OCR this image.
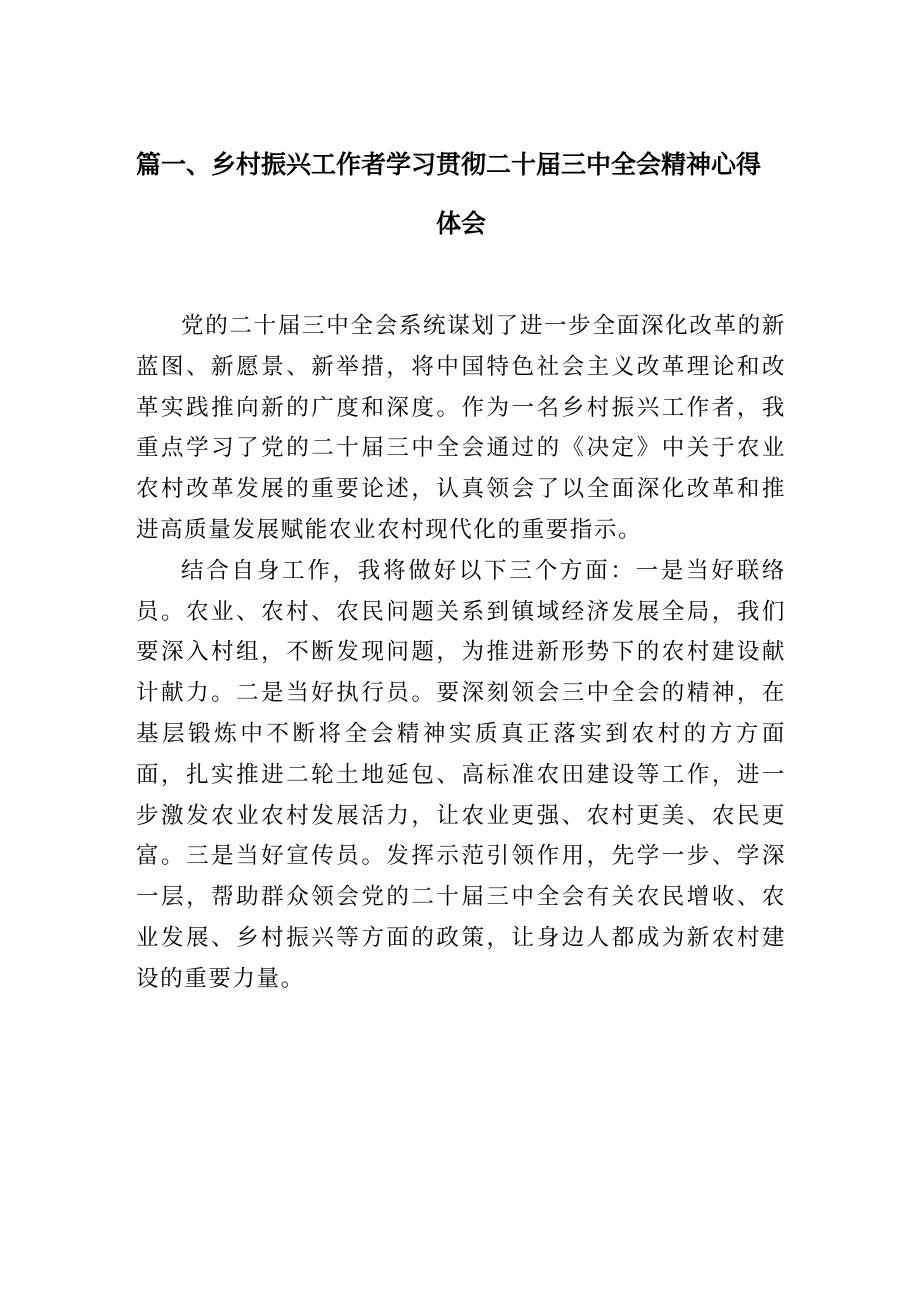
篇一、乡村振兴工作者学习贯彻二十届三中全会精神心得
体会

党的二十届三中全会系统谋划了进一步全面深化改革的新蓝图、新愿景、新举措，将中国特色社会主义改革理论和改革实践推向新的广度和深度。作为一名乡村振兴工作者，我重点学习了党的二十届三中全会通过的《决定》中关于农业农村改革发展的重要论述，认真领会了以全面深化改革和推进高质量发展赋能农业农村现代化的重要指示。

结合自身工作，我将做好以下三个方面：一是当好联络员。农业、农村、农民问题关系到镇域经济发展全局，我们要深入村组，不断发现问题，为推进新形势下的农村建设献计献力。二是当好执行员。要深刻领会三中全会的精神，在基层锻炼中不断将全会精神实质真正落实到农村的方方面面，扎实推进二轮土地延包、高标准农田建设等工作，进一步激发农业农村发展活力，让农业更强、农村更美、农民更富。三是当好宣传员。发挥示范引领作用，先学一步、学深一层，帮助群众领会党的二十届三中全会有关农民增收、农业发展、乡村振兴等方面的政策，让身边人都成为新农村建设的重要力量。
